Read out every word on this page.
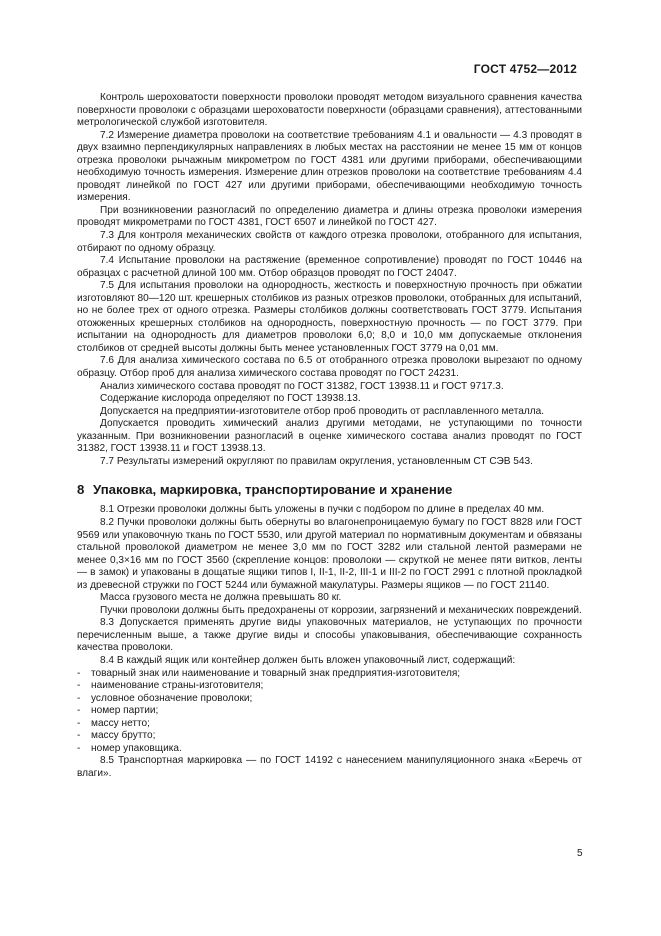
ГОСТ 4752—2012

Контроль шероховатости поверхности проволоки проводят методом визуального сравнения качества поверхности проволоки с образцами шероховатости поверхности (образцами сравнения), аттестованными метрологической службой изготовителя.

7.2 Измерение диаметра проволоки на соответствие требованиям 4.1 и овальности — 4.3 проводят в двух взаимно перпендикулярных направлениях в любых местах на расстоянии не менее 15 мм от концов отрезка проволоки рычажным микрометром по ГОСТ 4381 или другими приборами, обеспечивающими необходимую точность измерения. Измерение длин отрезков проволоки на соответствие требованиям 4.4 проводят линейкой по ГОСТ 427 или другими приборами, обеспечивающими необходимую точность измерения.

При возникновении разногласий по определению диаметра и длины отрезка проволоки измерения проводят микрометрами по ГОСТ 4381, ГОСТ 6507 и линейкой по ГОСТ 427.

7.3 Для контроля механических свойств от каждого отрезка проволоки, отобранного для испытания, отбирают по одному образцу.

7.4 Испытание проволоки на растяжение (временное сопротивление) проводят по ГОСТ 10446 на образцах с расчетной длиной 100 мм. Отбор образцов проводят по ГОСТ 24047.

7.5 Для испытания проволоки на однородность, жесткость и поверхностную прочность при обжатии изготовляют 80—120 шт. крешерных столбиков из разных отрезков проволоки, отобранных для испытаний, но не более трех от одного отрезка. Размеры столбиков должны соответствовать ГОСТ 3779. Испытания отожженных крешерных столбиков на однородность, поверхностную прочность — по ГОСТ 3779. При испытании на однородность для диаметров проволоки 6,0; 8,0 и 10,0 мм допускаемые отклонения столбиков от средней высоты должны быть менее установленных ГОСТ 3779 на 0,01 мм.

7.6 Для анализа химического состава по 6.5 от отобранного отрезка проволоки вырезают по одному образцу. Отбор проб для анализа химического состава проводят по ГОСТ 24231.

Анализ химического состава проводят по ГОСТ 31382, ГОСТ 13938.11 и ГОСТ 9717.3.

Содержание кислорода определяют по ГОСТ 13938.13.

Допускается на предприятии-изготовителе отбор проб проводить от расплавленного металла.

Допускается проводить химический анализ другими методами, не уступающими по точности указанным. При возникновении разногласий в оценке химического состава анализ проводят по ГОСТ 31382, ГОСТ 13938.11 и ГОСТ 13938.13.

7.7 Результаты измерений округляют по правилам округления, установленным СТ СЭВ 543.

8 Упаковка, маркировка, транспортирование и хранение

8.1 Отрезки проволоки должны быть уложены в пучки с подбором по длине в пределах 40 мм.

8.2 Пучки проволоки должны быть обернуты во влагонепроницаемую бумагу по ГОСТ 8828 или ГОСТ 9569 или упаковочную ткань по ГОСТ 5530, или другой материал по нормативным документам и обвязаны стальной проволокой диаметром не менее 3,0 мм по ГОСТ 3282 или стальной лентой размерами не менее 0,3×16 мм по ГОСТ 3560 (скрепление концов: проволоки — скруткой не менее пяти витков, ленты — в замок) и упакованы в дощатые ящики типов I, II-1, II-2, III-1 и III-2 по ГОСТ 2991 с плотной прокладкой из древесной стружки по ГОСТ 5244 или бумажной макулатуры. Размеры ящиков — по ГОСТ 21140.

Масса грузового места не должна превышать 80 кг.

Пучки проволоки должны быть предохранены от коррозии, загрязнений и механических повреждений.

8.3 Допускается применять другие виды упаковочных материалов, не уступающих по прочности перечисленным выше, а также другие виды и способы упаковывания, обеспечивающие сохранность качества проволоки.

8.4 В каждый ящик или контейнер должен быть вложен упаковочный лист, содержащий:

- товарный знак или наименование и товарный знак предприятия-изготовителя;
- наименование страны-изготовителя;
- условное обозначение проволоки;
- номер партии;
- массу нетто;
- массу брутто;
- номер упаковщика.

8.5 Транспортная маркировка — по ГОСТ 14192 с нанесением манипуляционного знака «Беречь от влаги».

5
